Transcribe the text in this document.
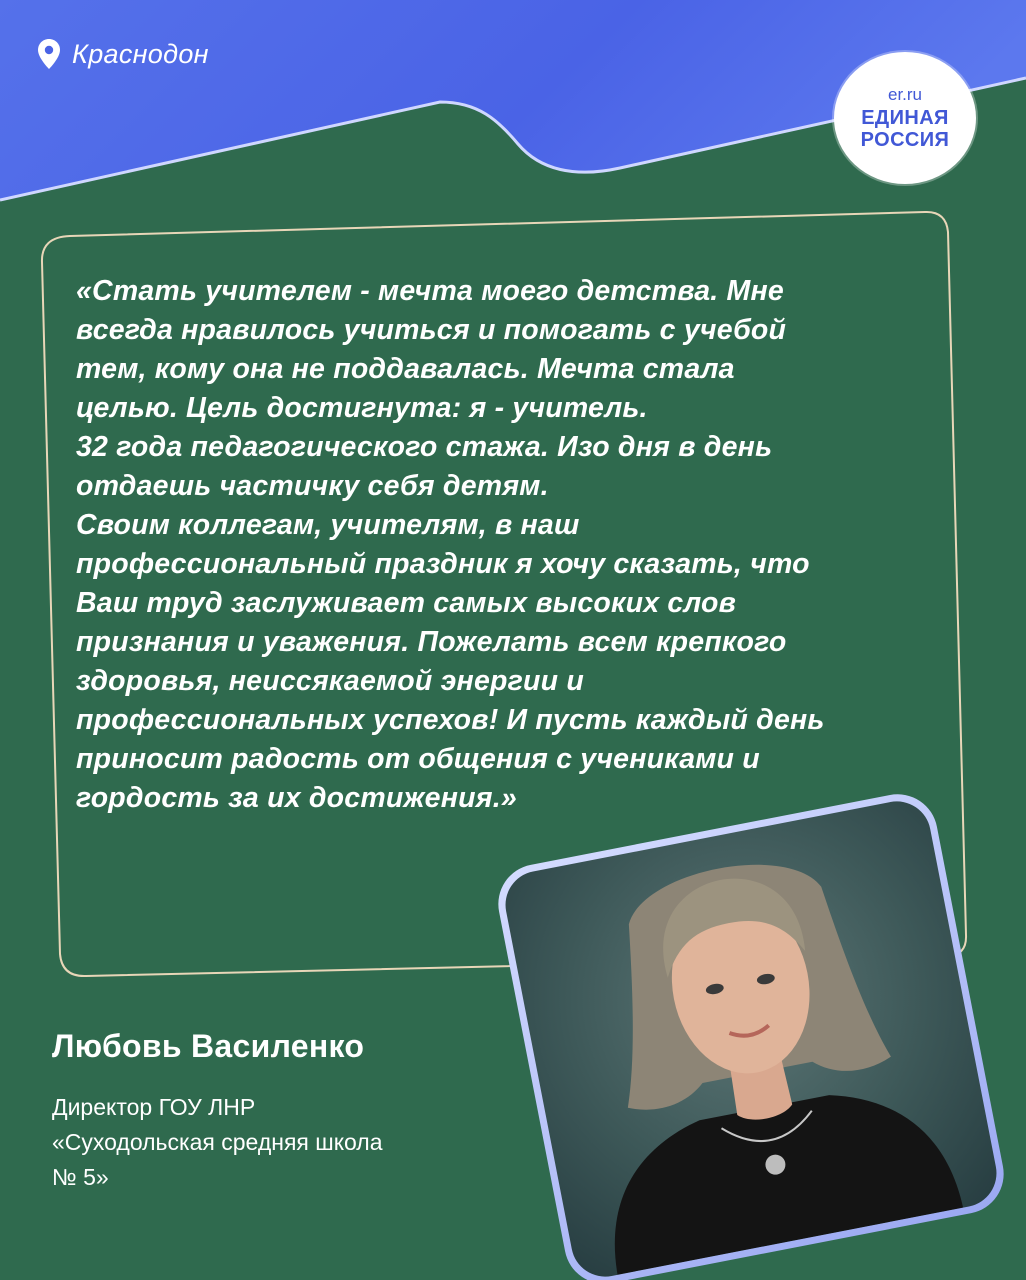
Краснодон
er.ru
ЕДИНАЯ
РОССИЯ

«Стать учителем - мечта моего детства. Мне
всегда нравилось учиться и помогать с учебой
тем, кому она не поддавалась. Мечта стала
целью. Цель достигнута: я - учитель.
32 года педагогического стажа. Изо дня в день
отдаешь частичку себя детям.
Своим коллегам, учителям, в наш
профессиональный праздник я хочу сказать, что
Ваш труд заслуживает самых высоких слов
признания и уважения. Пожелать всем крепкого
здоровья, неиссякаемой энергии и
профессиональных успехов! И пусть каждый день
приносит радость от общения с учениками и
гордость за их достижения.»

Любовь Василенко

Директор ГОУ ЛНР
«Суходольская средняя школа
№ 5»
